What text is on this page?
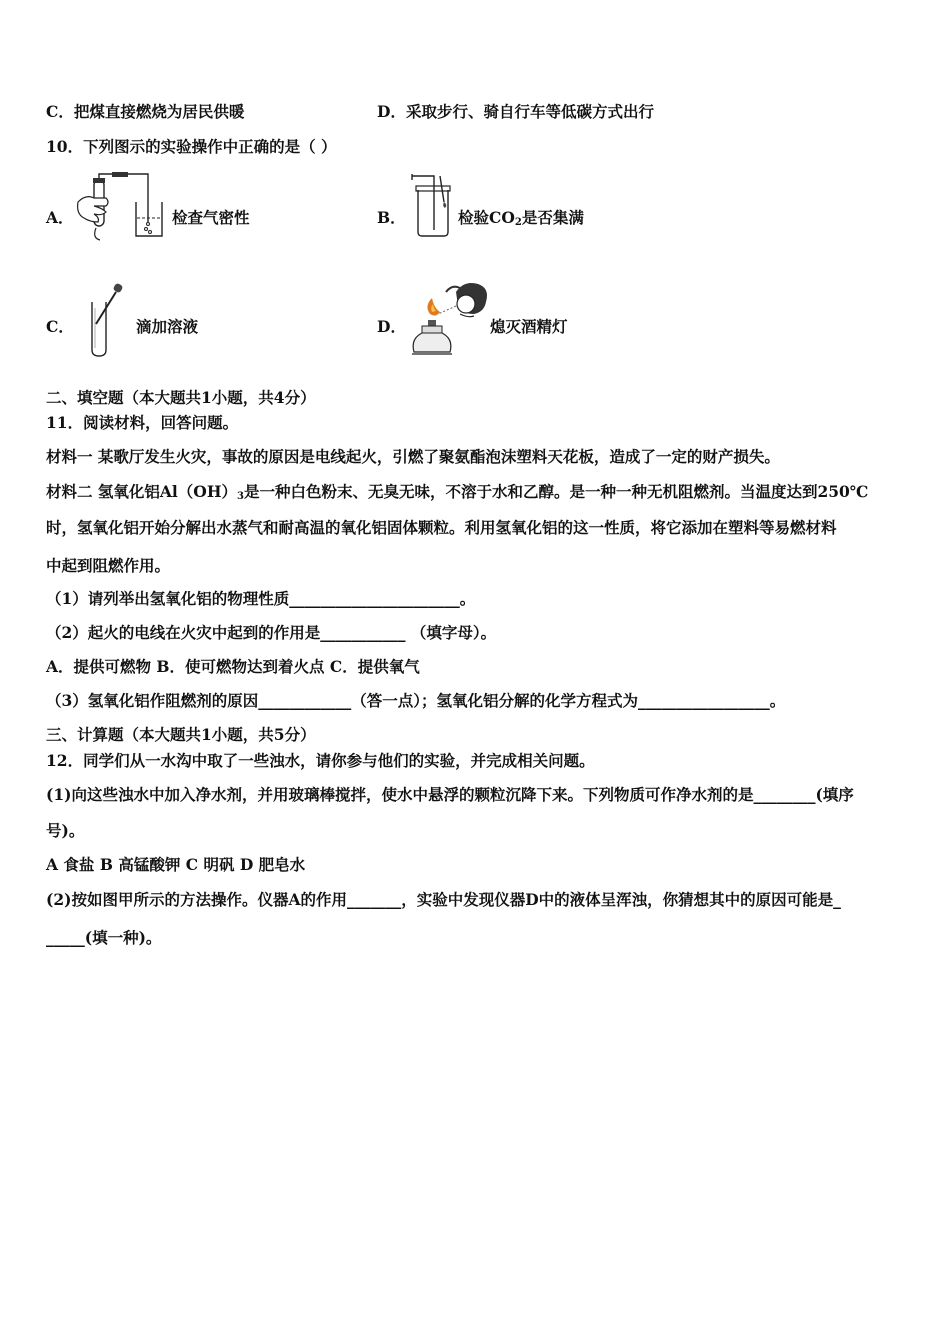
C．把煤直接燃烧为居民供暖	D．采取步行、骑自行车等低碳方式出行
10．下列图示的实验操作中正确的是（ ）
A．	检查气密性	B．	检验$CO_2$是否集满
C．	滴加溶液	D．	熄灭酒精灯
二、填空题（本大题共1小题，共4分）
11．阅读材料，回答问题。
材料一 某歌厅发生火灾，事故的原因是电线起火，引燃了聚氨酯泡沫塑料天花板，造成了一定的财产损失。
材料二 氢氧化铝$Al(OH)_3$是一种白色粉末、无臭无味，不溶于水和乙醇。是一种一种无机阻燃剂。当温度达到250℃
时，氢氧化铝开始分解出水蒸气和耐高温的氧化铝固体颗粒。利用氢氧化铝的这一性质，将它添加在塑料等易燃材料
中起到阻燃作用。
（1）请列举出氢氧化铝的物理性质______________________。
（2）起火的电线在火灾中起到的作用是___________ （填字母）。
A．提供可燃物 B．使可燃物达到着火点 C．提供氧气
（3）氢氧化铝作阻燃剂的原因____________（答一点）；氢氧化铝分解的化学方程式为_________________。
三、计算题（本大题共1小题，共5分）
12．同学们从一水沟中取了一些浊水，请你参与他们的实验，并完成相关问题。
(1)向这些浊水中加入净水剂，并用玻璃棒搅拌，使水中悬浮的颗粒沉降下来。下列物质可作净水剂的是________(填序
号)。
A 食盐 B 高锰酸钾 C 明矾 D 肥皂水
(2)按如图甲所示的方法操作。仪器A的作用_______，实验中发现仪器D中的液体呈浑浊，你猜想其中的原因可能是_
_____(填一种)。
